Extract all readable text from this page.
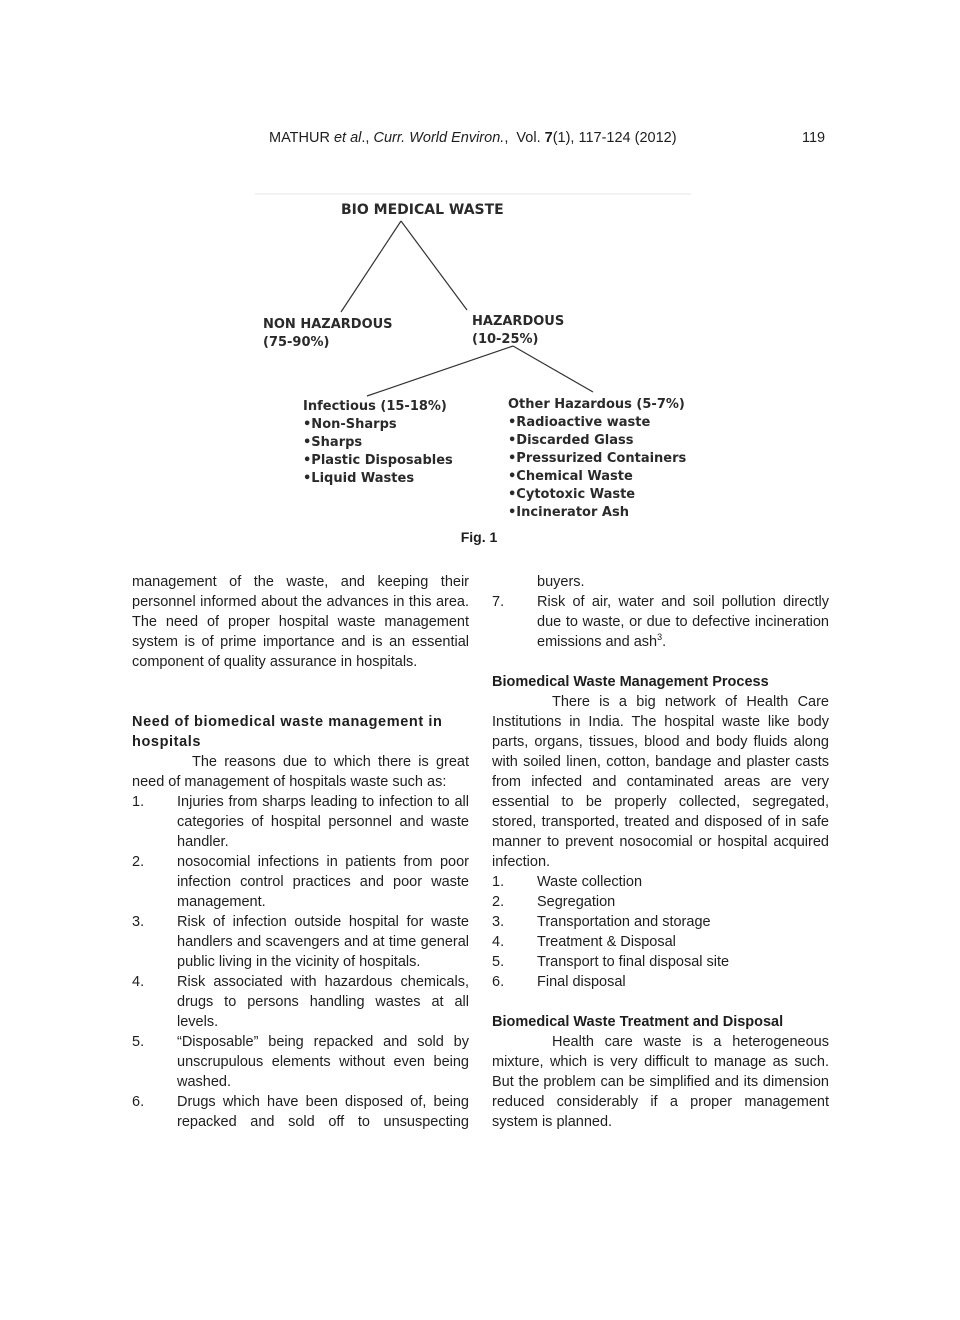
MATHUR et al., Curr. World Environ.,  Vol. 7(1), 117-124 (2012)	119
BIO MEDICAL WASTE
NON HAZARDOUS
(75-90%)
HAZARDOUS
(10-25%)
Infectious (15-18%)
•Non-Sharps
•Sharps
•Plastic Disposables
•Liquid Wastes
Other Hazardous (5-7%)
•Radioactive waste
•Discarded Glass
•Pressurized Containers
•Chemical Waste
•Cytotoxic Waste
•Incinerator Ash
Fig. 1

management of the waste, and keeping their personnel informed about the advances in this area. The need of proper hospital waste management system is of prime importance and is an essential component of quality assurance in hospitals.

Need of biomedical waste management in hospitals

The reasons due to which there is great need of management of hospitals waste such as:

1.	Injuries from sharps leading to infection to all categories of hospital personnel and waste handler.
2.	nosocomial infections in patients from poor infection control practices and poor waste management.
3.	Risk of infection outside hospital for waste handlers and scavengers and at time general public living in the vicinity of hospitals.
4.	Risk associated with hazardous chemicals, drugs to persons handling wastes at all levels.
5.	“Disposable” being repacked and sold by unscrupulous elements without even being washed.
6.	Drugs which have been disposed of, being repacked and sold off to unsuspecting
buyers.
7.	Risk of air, water and soil pollution directly due to waste, or due to defective incineration emissions and ash$^3$.
Biomedical Waste Management Process

There is a big network of Health Care Institutions in India. The hospital waste like body parts, organs, tissues, blood and body fluids along with soiled linen, cotton, bandage and plaster casts from infected and contaminated areas are very essential to be properly collected, segregated, stored, transported, treated and disposed of in safe manner to prevent nosocomial or hospital acquired infection.

1.	Waste collection
2.	Segregation
3.	Transportation and storage
4.	Treatment & Disposal
5.	Transport to final disposal site
6.	Final disposal
Biomedical Waste Treatment and Disposal

Health care waste is a heterogeneous mixture, which is very difficult to manage as such. But the problem can be simplified and its dimension reduced considerably if a proper management system is planned.
